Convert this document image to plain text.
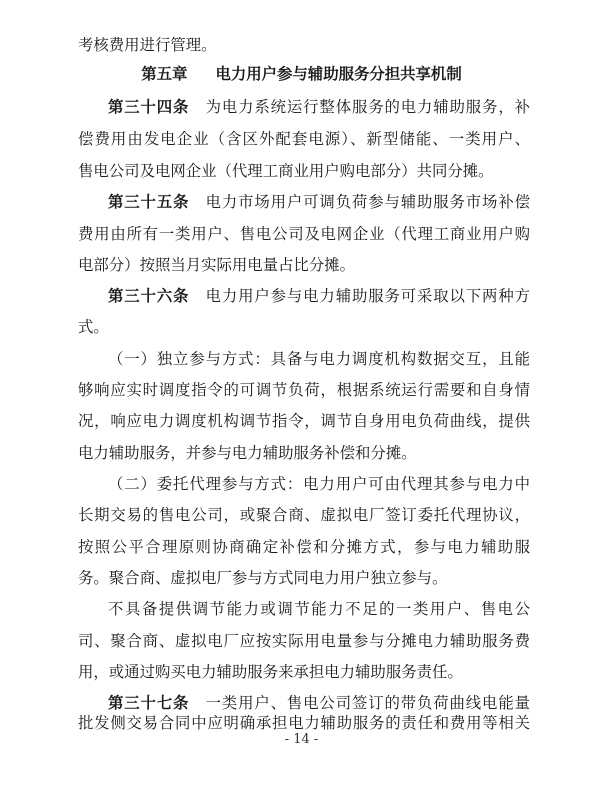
考核费用进行管理。
第五章 电力用户参与辅助服务分担共享机制
第三十四条　 为电力系统运行整体服务的电力辅助服务，补
偿费用由发电企业（含区外配套电源）、新型储能、一类用户、
售电公司及电网企业（代理工商业用户购电部分）共同分摊。
第三十五条　 电力市场用户可调负荷参与辅助服务市场补偿
费用由所有一类用户、售电公司及电网企业（代理工商业用户购
电部分）按照当月实际用电量占比分摊。
第三十六条　 电力用户参与电力辅助服务可采取以下两种方
式。
（一）独立参与方式：具备与电力调度机构数据交互，且能
够响应实时调度指令的可调节负荷，根据系统运行需要和自身情
况，响应电力调度机构调节指令，调节自身用电负荷曲线，提供
电力辅助服务，并参与电力辅助服务补偿和分摊。
（二）委托代理参与方式：电力用户可由代理其参与电力中
长期交易的售电公司，或聚合商、虚拟电厂签订委托代理协议，
按照公平合理原则协商确定补偿和分摊方式，参与电力辅助服
务。聚合商、虚拟电厂参与方式同电力用户独立参与。
不具备提供调节能力或调节能力不足的一类用户、售电公
司、聚合商、虚拟电厂应按实际用电量参与分摊电力辅助服务费
用，或通过购买电力辅助服务来承担电力辅助服务责任。
第三十七条　 一类用户、售电公司签订的带负荷曲线电能量
批发侧交易合同中应明确承担电力辅助服务的责任和费用等相关
- 14 -
